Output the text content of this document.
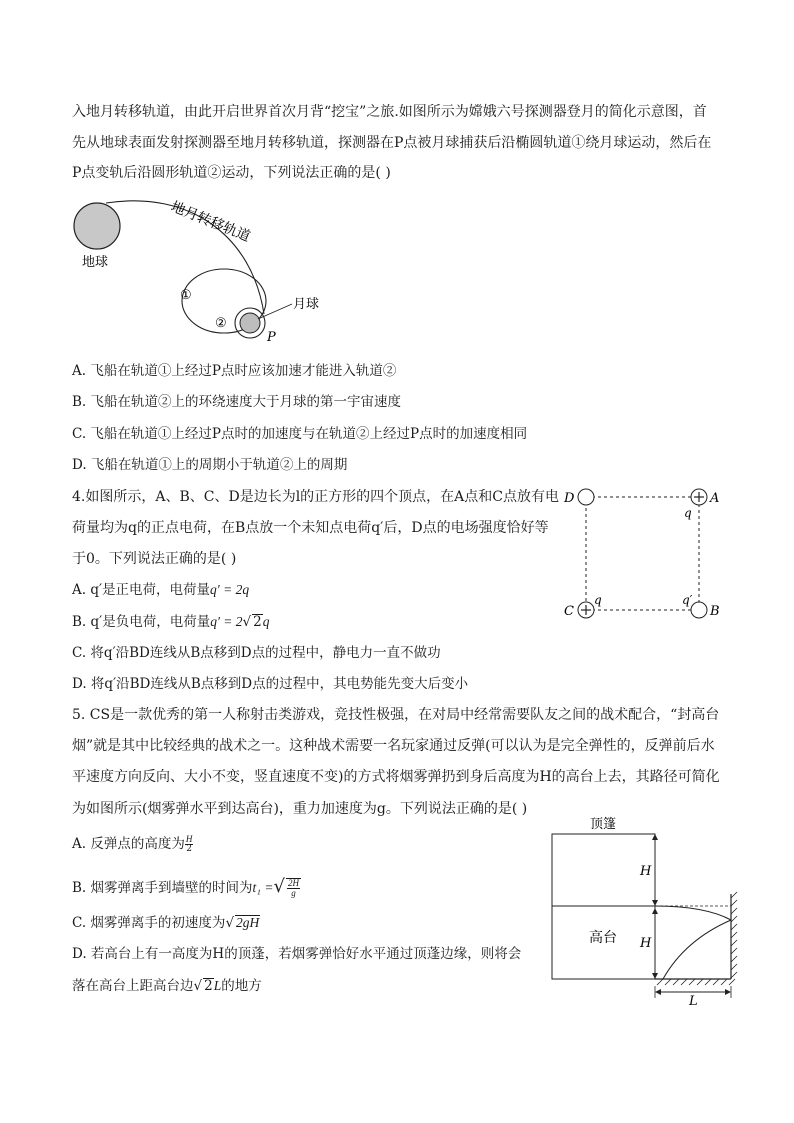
入地月转移轨道，由此开启世界首次月背“挖宝”之旅.如图所示为嫦娥六号探测器登月的简化示意图，首
先从地球表面发射探测器至地月转移轨道，探测器在P点被月球捕获后沿椭圆轨道①绕月球运动，然后在
P点变轨后沿圆形轨道②运动，下列说法正确的是( )
地球
地月转移轨道
①
②
月球
P
A. 飞船在轨道①上经过P点时应该加速才能进入轨道②
B. 飞船在轨道②上的环绕速度大于月球的第一宇宙速度
C. 飞船在轨道①上经过P点时的加速度与在轨道②上经过P点时的加速度相同
D. 飞船在轨道①上的周期小于轨道②上的周期
4.如图所示，A、B、C、D是边长为l的正方形的四个顶点，在A点和C点放有电
荷量均为q的正点电荷，在B点放一个未知点电荷q′后，D点的电场强度恰好等
于0。下列说法正确的是( )
A. q′是正电荷，电荷量q′ = 2q
B. q′是负电荷，电荷量q′ = 2√ 2q
C. 将q′沿BD连线从B点移到D点的过程中，静电力一直不做功
D. 将q′沿BD连线从B点移到D点的过程中，其电势能先变大后变小
D	A
C	B
q
q	q′
5. CS是一款优秀的第一人称射击类游戏，竞技性极强，在对局中经常需要队友之间的战术配合，“封高台
烟”就是其中比较经典的战术之一。这种战术需要一名玩家通过反弹(可以认为是完全弹性的，反弹前后水
平速度方向反向、大小不变，竖直速度不变)的方式将烟雾弹扔到身后高度为H的高台上去，其路径可简化
为如图所示(烟雾弹水平到达高台)，重力加速度为g。下列说法正确的是( )
A. 反弹点的高度为 $\frac{H}{2}$
B. 烟雾弹离手到墙壁的时间为t₁ =√ $\frac{2H}{g}$
C. 烟雾弹离手的初速度为√ 2gH
D. 若高台上有一高度为H的顶蓬，若烟雾弹恰好水平通过顶蓬边缘，则将会
落在高台上距高台边√ 2L的地方
顶篷
H
高台 H
L
